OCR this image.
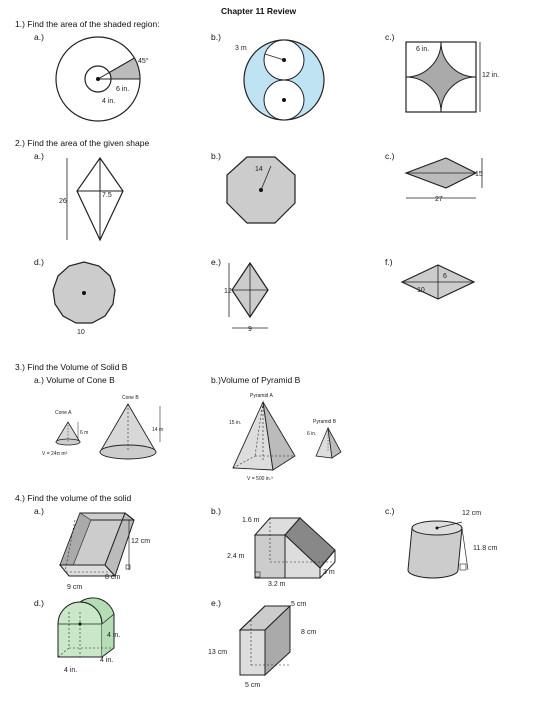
Chapter 11 Review
1.) Find the area of the shaded region:
a.)	b.)	c.)
45°
6 in.
4 in.
3 m	6 in.
12 in.
2.) Find the area of the given shape
a.)	b.)	c.)
26
7.5
14
15
27
d.)	e.)	f.)
10
12
9
6
10
3.) Find the Volume of Solid B
a.) Volume of Cone B	b.)Volume of Pyramid B
Cone A
Cone B
6 m
V = 24π m³
14 m
Pyramid A
Pyramid B
15 in.
V = 500 in.³
6 in.
4.) Find the volume of the solid
a.)	b.)	c.)
12 cm
8 cm
9 cm
1.6 m
2.4 m
3.2 m
3 m
12 cm
11.8 cm
d.)	e.)
4 in.
4 in.
4 in.
5 cm
8 cm
13 cm
5 cm
